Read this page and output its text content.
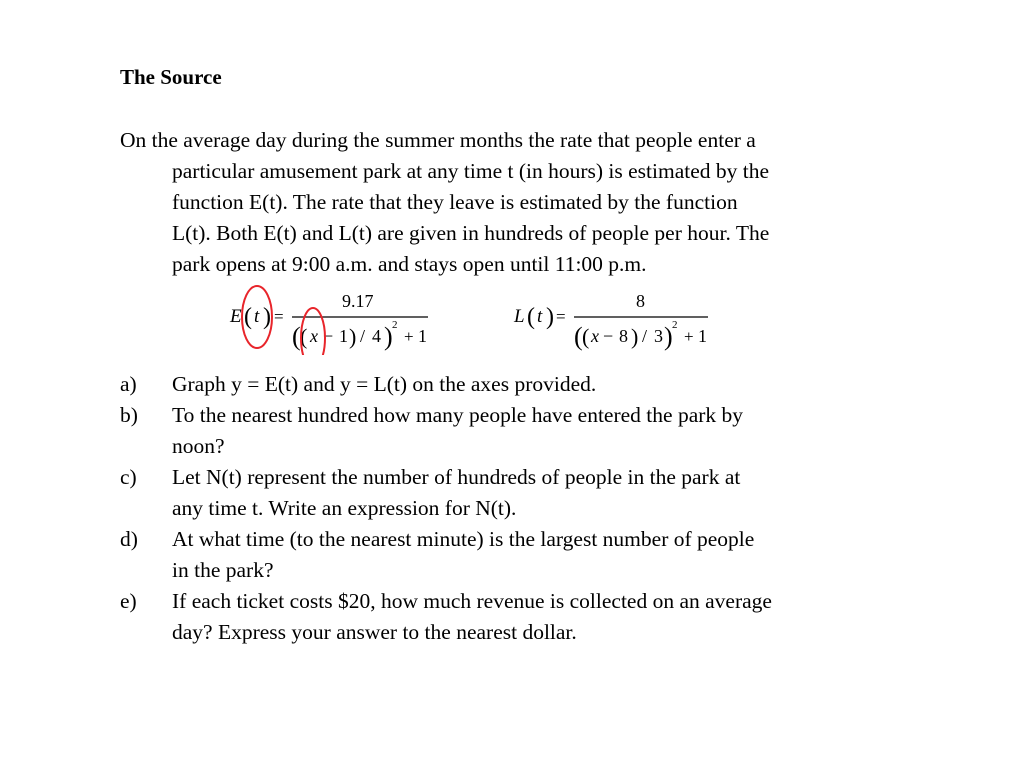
The Source
On the average day during the summer months the rate that people enter a
particular amusement park at any time t (in hours) is estimated by the
function E(t). The rate that they leave is estimated by the function
L(t). Both E(t) and L(t) are given in hundreds of people per hour. The
park opens at 9:00 a.m. and stays open until 11:00 p.m.
E ( t ) =
9.17
( ( x − 1 ) / 4 ) 2
+ 1
L ( t ) =
8
( ( x − 8 ) / 3 ) 2
+ 1
a)	Graph y = E(t) and y = L(t) on the axes provided.
b)	To the nearest hundred how many people have entered the park by
noon?
c)	Let N(t) represent the number of hundreds of people in the park at
any time t. Write an expression for N(t).
d)	At what time (to the nearest minute) is the largest number of people
in the park?
e)	If each ticket costs $20, how much revenue is collected on an average
day? Express your answer to the nearest dollar.
